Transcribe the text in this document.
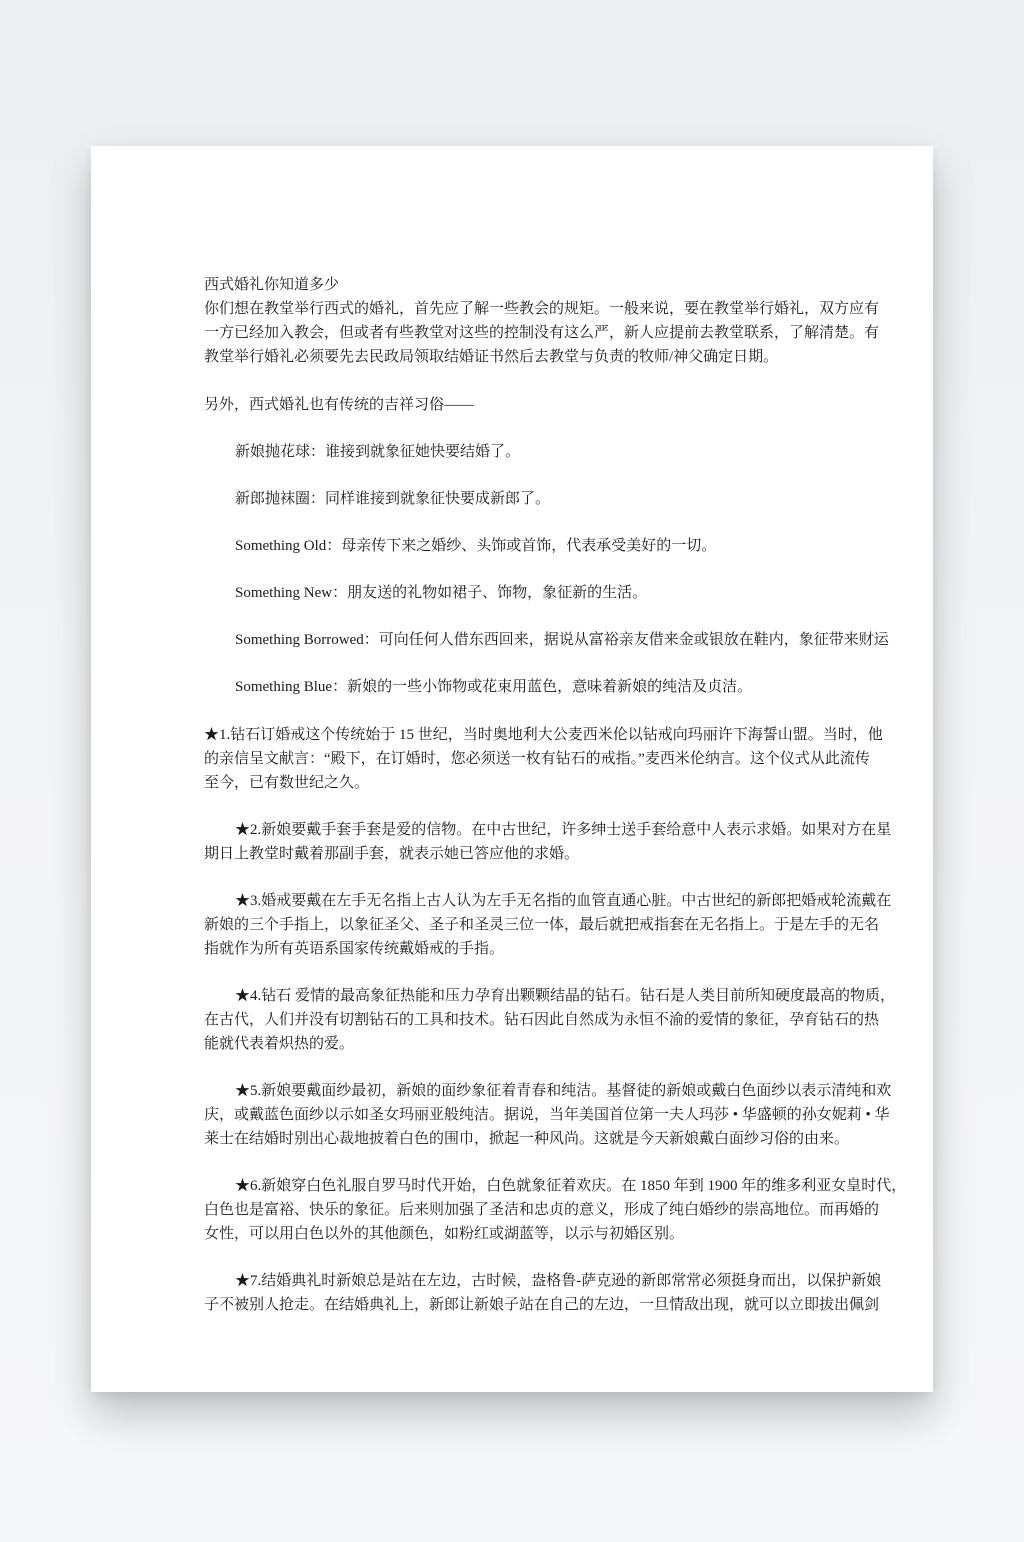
西式婚礼你知道多少
你们想在教堂举行西式的婚礼，首先应了解一些教会的规矩。一般来说，要在教堂举行婚礼，双方应有
一方已经加入教会，但或者有些教堂对这些的控制没有这么严，新人应提前去教堂联系，了解清楚。有
教堂举行婚礼必须要先去民政局领取结婚证书然后去教堂与负责的牧师/神父确定日期。
另外，西式婚礼也有传统的吉祥习俗——
新娘抛花球：谁接到就象征她快要结婚了。
新郎抛袜圈：同样谁接到就象征快要成新郎了。
Something Old：母亲传下来之婚纱、头饰或首饰，代表承受美好的一切。
Something New：朋友送的礼物如裙子、饰物，象征新的生活。
Something Borrowed：可向任何人借东西回来，据说从富裕亲友借来金或银放在鞋内，象征带来财运
Something Blue：新娘的一些小饰物或花束用蓝色，意味着新娘的纯洁及贞洁。
★1.钻石订婚戒这个传统始于 15 世纪，当时奥地利大公麦西米伦以钻戒向玛丽许下海誓山盟。当时，他
的亲信呈文献言：“殿下，在订婚时，您必须送一枚有钻石的戒指。”麦西米伦纳言。这个仪式从此流传
至今，已有数世纪之久。
★2.新娘要戴手套手套是爱的信物。在中古世纪，许多绅士送手套给意中人表示求婚。如果对方在星
期日上教堂时戴着那副手套，就表示她已答应他的求婚。
★3.婚戒要戴在左手无名指上古人认为左手无名指的血管直通心脏。中古世纪的新郎把婚戒轮流戴在
新娘的三个手指上，以象征圣父、圣子和圣灵三位一体，最后就把戒指套在无名指上。于是左手的无名
指就作为所有英语系国家传统戴婚戒的手指。
★4.钻石 爱情的最高象征热能和压力孕育出颗颗结晶的钻石。钻石是人类目前所知硬度最高的物质，
在古代，人们并没有切割钻石的工具和技术。钻石因此自然成为永恒不渝的爱情的象征，孕育钻石的热
能就代表着炽热的爱。
★5.新娘要戴面纱最初，新娘的面纱象征着青春和纯洁。基督徒的新娘或戴白色面纱以表示清纯和欢
庆，或戴蓝色面纱以示如圣女玛丽亚般纯洁。据说，当年美国首位第一夫人玛莎 • 华盛顿的孙女妮莉 • 华
莱士在结婚时别出心裁地披着白色的围巾，掀起一种风尚。这就是今天新娘戴白面纱习俗的由来。
★6.新娘穿白色礼服自罗马时代开始，白色就象征着欢庆。在 1850 年到 1900 年的维多利亚女皇时代，
白色也是富裕、快乐的象征。后来则加强了圣洁和忠贞的意义，形成了纯白婚纱的崇高地位。而再婚的
女性，可以用白色以外的其他颜色，如粉红或湖蓝等，以示与初婚区别。
★7.结婚典礼时新娘总是站在左边，古时候，盎格鲁-萨克逊的新郎常常必须挺身而出，以保护新娘
子不被别人抢走。在结婚典礼上，新郎让新娘子站在自己的左边，一旦情敌出现，就可以立即拔出佩剑
